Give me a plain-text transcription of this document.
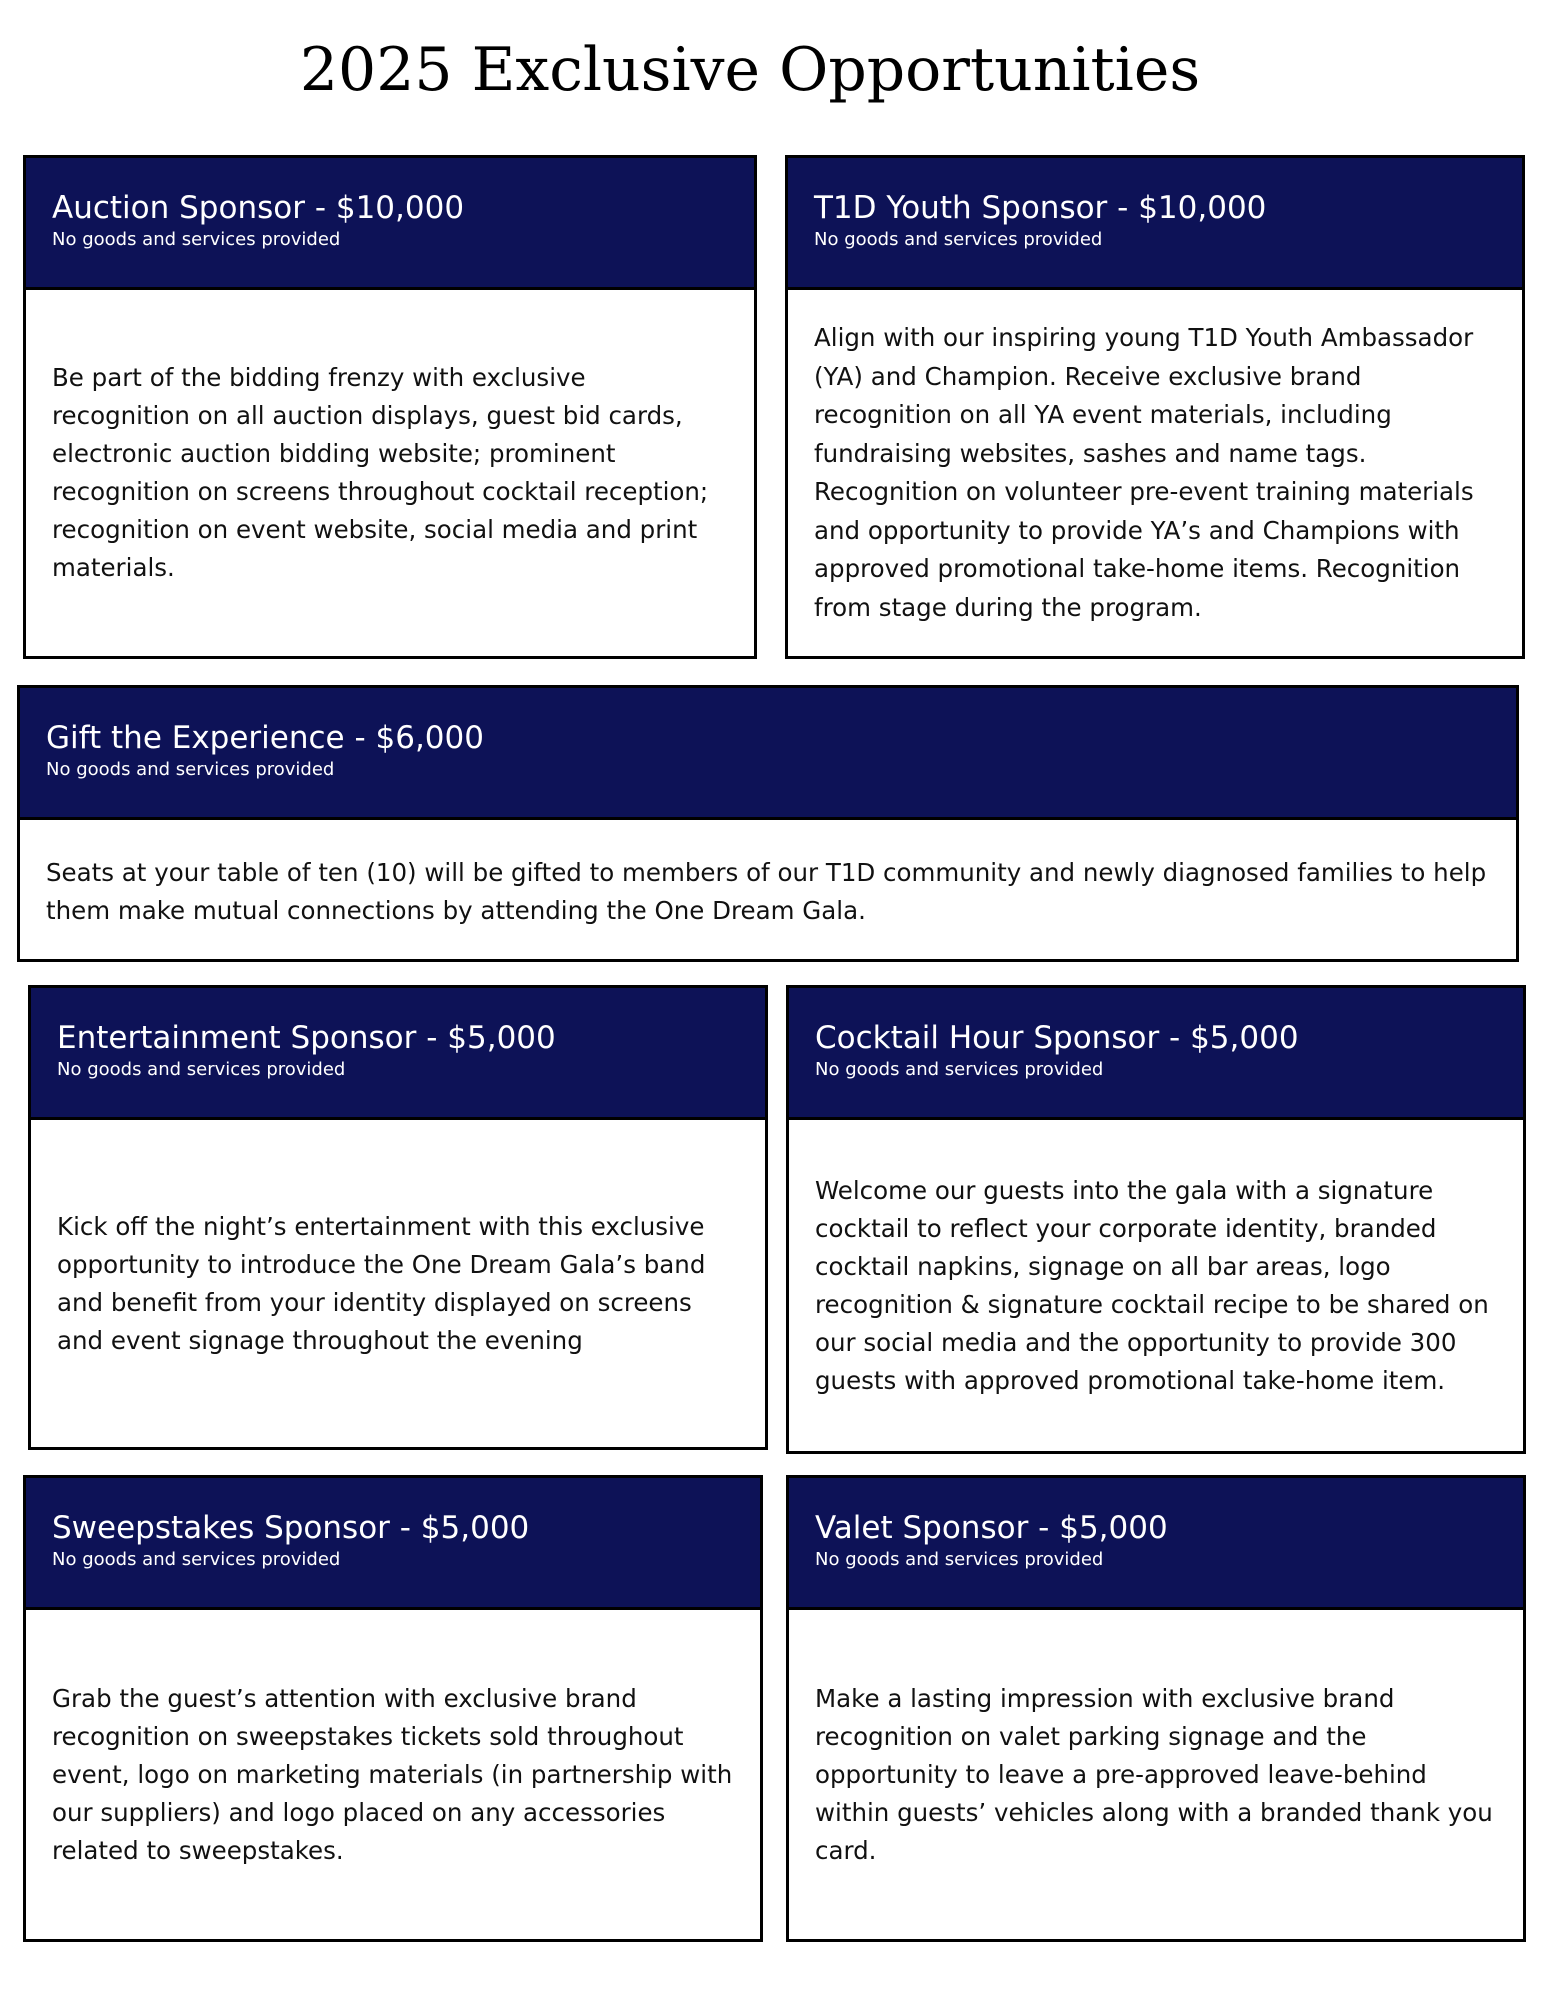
2025 Exclusive Opportunities

Auction Sponsor - $10,000

No goods and services provided

Be part of the bidding frenzy with exclusive recognition on all auction displays, guest bid cards, electronic auction bidding website; prominent recognition on screens throughout cocktail reception; recognition on event website, social media and print materials.

T1D Youth Sponsor - $10,000

No goods and services provided

Align with our inspiring young T1D Youth Ambassador (YA) and Champion. Receive exclusive brand recognition on all YA event materials, including fundraising websites, sashes and name tags. Recognition on volunteer pre-event training materials and opportunity to provide YA’s and Champions with approved promotional take-home items. Recognition from stage during the program.

Gift the Experience - $6,000

No goods and services provided

Seats at your table of ten (10) will be gifted to members of our T1D community and newly diagnosed families to help them make mutual connections by attending the One Dream Gala.

Entertainment Sponsor - $5,000

No goods and services provided

Kick off the night’s entertainment with this exclusive opportunity to introduce the One Dream Gala’s band and benefit from your identity displayed on screens and event signage throughout the evening

Cocktail Hour Sponsor - $5,000

No goods and services provided

Welcome our guests into the gala with a signature cocktail to reflect your corporate identity, branded cocktail napkins, signage on all bar areas, logo recognition & signature cocktail recipe to be shared on our social media and the opportunity to provide 300 guests with approved promotional take-home item.

Sweepstakes Sponsor - $5,000

No goods and services provided

Grab the guest’s attention with exclusive brand recognition on sweepstakes tickets sold throughout event, logo on marketing materials (in partnership with our suppliers) and logo placed on any accessories related to sweepstakes.

Valet Sponsor - $5,000

No goods and services provided

Make a lasting impression with exclusive brand recognition on valet parking signage and the opportunity to leave a pre-approved leave-behind within guests’ vehicles along with a branded thank you card.
